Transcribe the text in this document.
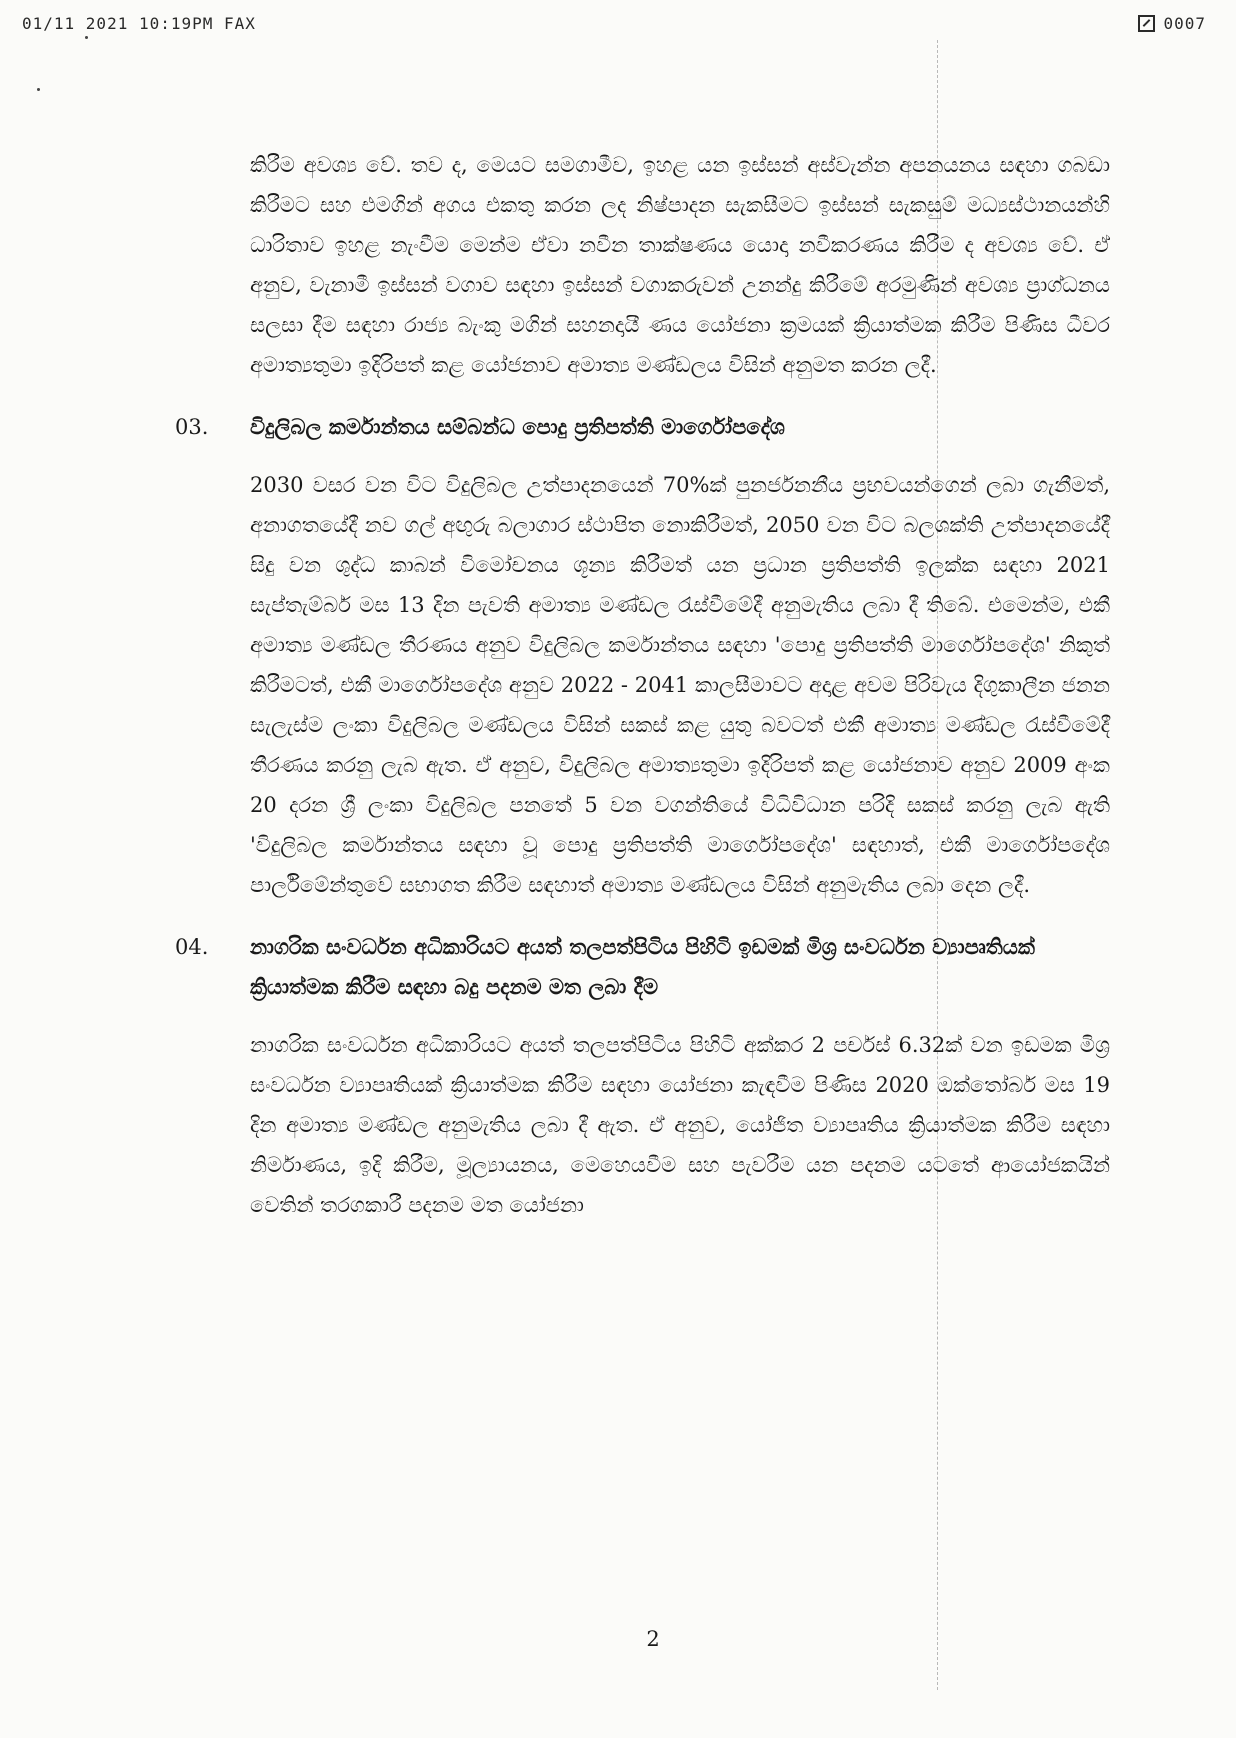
01/11 2021 10:19PM FAX	0007

කිරීම අවශ්‍ය වේ. තව ද, මෙයට සමගාමීව, ඉහළ යන ඉස්සන් අස්වැන්න අපනයනය සඳහා ගබඩා කිරීමට සහ එමගින් අගය එකතු කරන ලද නිෂ්පාදන සැකසීමට ඉස්සන් සැකසුම් මධ්‍යස්ථානයන්හි ධාරිතාව ඉහළ නැංවීම මෙන්ම ඒවා නවීන තාක්ෂණය යොදා නවීකරණය කිරීම ද අවශ්‍ය වේ. ඒ අනුව, වැනාමී ඉස්සන් වගාව සඳහා ඉස්සන් වගාකරුවන් උනන්දු කිරීමේ අරමුණින් අවශ්‍ය ප්‍රාග්ධනය සලසා දීම සඳහා රාජ්‍ය බැංකු මගින් සහනදායී ණය යෝජනා ක්‍රමයක් ක්‍රියාත්මක කිරීම පිණිස ධීවර අමාත්‍යතුමා ඉදිරිපත් කළ යෝජනාව අමාත්‍ය මණ්ඩලය විසින් අනුමත කරන ලදී.

03. විදුලිබල කර්මාන්තය සම්බන්ධ පොදු ප්‍රතිපත්ති මාර්ගෝපදේශ

2030 වසර වන විට විදුලිබල උත්පාදනයෙන් 70%ක් පුනර්ජනනීය ප්‍රභවයන්ගෙන් ලබා ගැනීමත්, අනාගතයේදී නව ගල් අඟුරු බලාගාර ස්ථාපිත නොකිරීමත්, 2050 වන විට බලශක්ති උත්පාදනයේදී සිදු වන ශුද්ධ කාබන් විමෝචනය ශූන්‍ය කිරීමත් යන ප්‍රධාන ප්‍රතිපත්ති ඉලක්ක සඳහා 2021 සැප්තැම්බර් මස 13 දින පැවති අමාත්‍ය මණ්ඩල රැස්වීමේදී අනුමැතිය ලබා දී තිබේ. එමෙන්ම, එකී අමාත්‍ය මණ්ඩල තීරණය අනුව විදුලිබල කර්මාන්තය සඳහා 'පොදු ප්‍රතිපත්ති මාර්ගෝපදේශ' නිකුත් කිරීමටත්, එකී මාර්ගෝපදේශ අනුව 2022 - 2041 කාලසීමාවට අදාළ අවම පිරිවැය දිගුකාලීන ජනන සැලැස්ම ලංකා විදුලිබල මණ්ඩලය විසින් සකස් කළ යුතු බවටත් එකී අමාත්‍ය මණ්ඩල රැස්වීමේදී තීරණය කරනු ලැබ ඇත. ඒ අනුව, විදුලිබල අමාත්‍යතුමා ඉදිරිපත් කළ යෝජනාව අනුව 2009 අංක 20 දරන ශ්‍රී ලංකා විදුලිබල පනතේ 5 වන වගන්තියේ විධිවිධාන පරිදි සකස් කරනු ලැබ ඇති 'විදුලිබල කර්මාන්තය සඳහා වූ පොදු ප්‍රතිපත්ති මාර්ගෝපදේශ' සඳහාත්, එකී මාර්ගෝපදේශ පාර්ලිමේන්තුවේ සභාගත කිරීම සඳහාත් අමාත්‍ය මණ්ඩලය විසින් අනුමැතිය ලබා දෙන ලදී.

04. නාගරික සංවර්ධන අධිකාරියට අයත් තලපත්පිටිය පිහිටි ඉඩමක් මිශ්‍ර සංවර්ධන ව්‍යාපෘතියක් ක්‍රියාත්මක කිරීම සඳහා බදු පදනම මත ලබා දීම

නාගරික සංවර්ධන අධිකාරියට අයත් තලපත්පිටිය පිහිටි අක්කර 2 පර්චස් 6.32ක් වන ඉඩමක මිශ්‍ර සංවර්ධන ව්‍යාපෘතියක් ක්‍රියාත්මක කිරීම සඳහා යෝජනා කැඳවීම පිණිස 2020 ඔක්තෝබර් මස 19 දින අමාත්‍ය මණ්ඩල අනුමැතිය ලබා දී ඇත. ඒ අනුව, යෝජිත ව්‍යාපෘතිය ක්‍රියාත්මක කිරීම සඳහා නිර්මාණය, ඉදි කිරීම, මූල්‍යායනය, මෙහෙයවීම සහ පැවරීම යන පදනම යටතේ ආයෝජකයින් වෙතින් තරගකාරී පදනම මත යෝජනා

2
